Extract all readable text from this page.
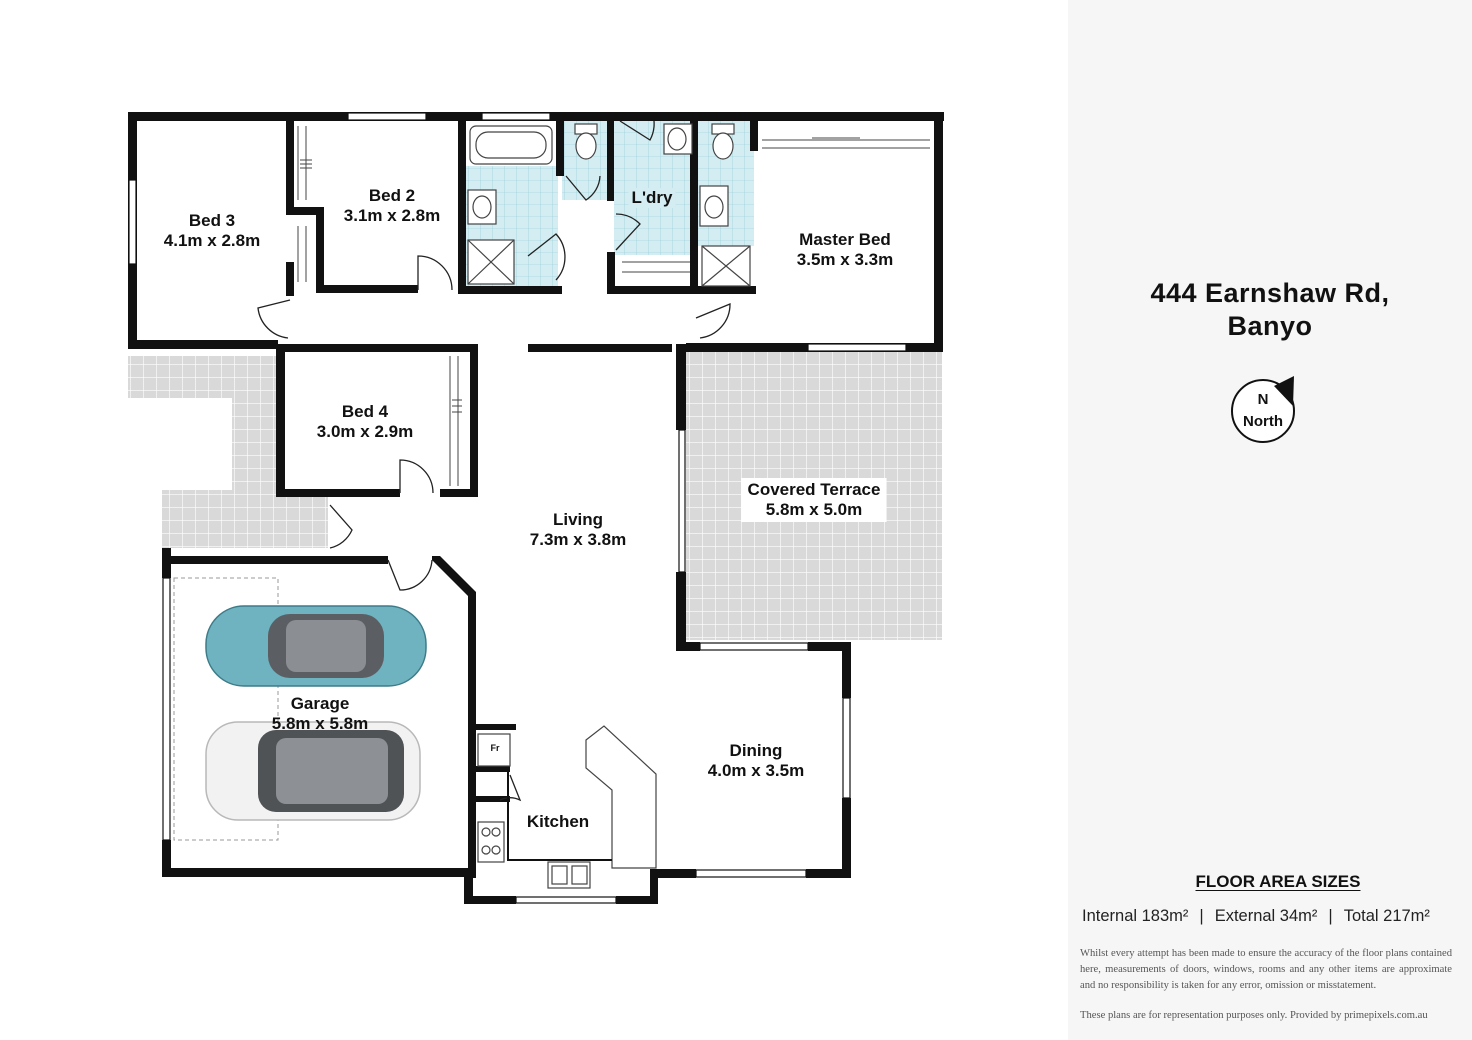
Bed 3
4.1m x 2.8m
Bed 2
3.1m x 2.8m
L'dry
Master Bed
3.5m x 3.3m
Bed 4
3.0m x 2.9m
Living
7.3m x 3.8m
Covered Terrace
5.8m x 5.0m
Garage
5.8m x 5.8m
Dining
4.0m x 3.5m
Kitchen
Fr
444 Earnshaw Rd,
Banyo
N
North
FLOOR AREA SIZES
Internal 183m² | External 34m² | Total 217m²
Whilst every attempt has been made to ensure the accuracy of the floor plans contained here, measurements of doors, windows, rooms and any other items are approximate and no responsibility is taken for any error, omission or misstatement.
These plans are for representation purposes only. Provided by primepixels.com.au
